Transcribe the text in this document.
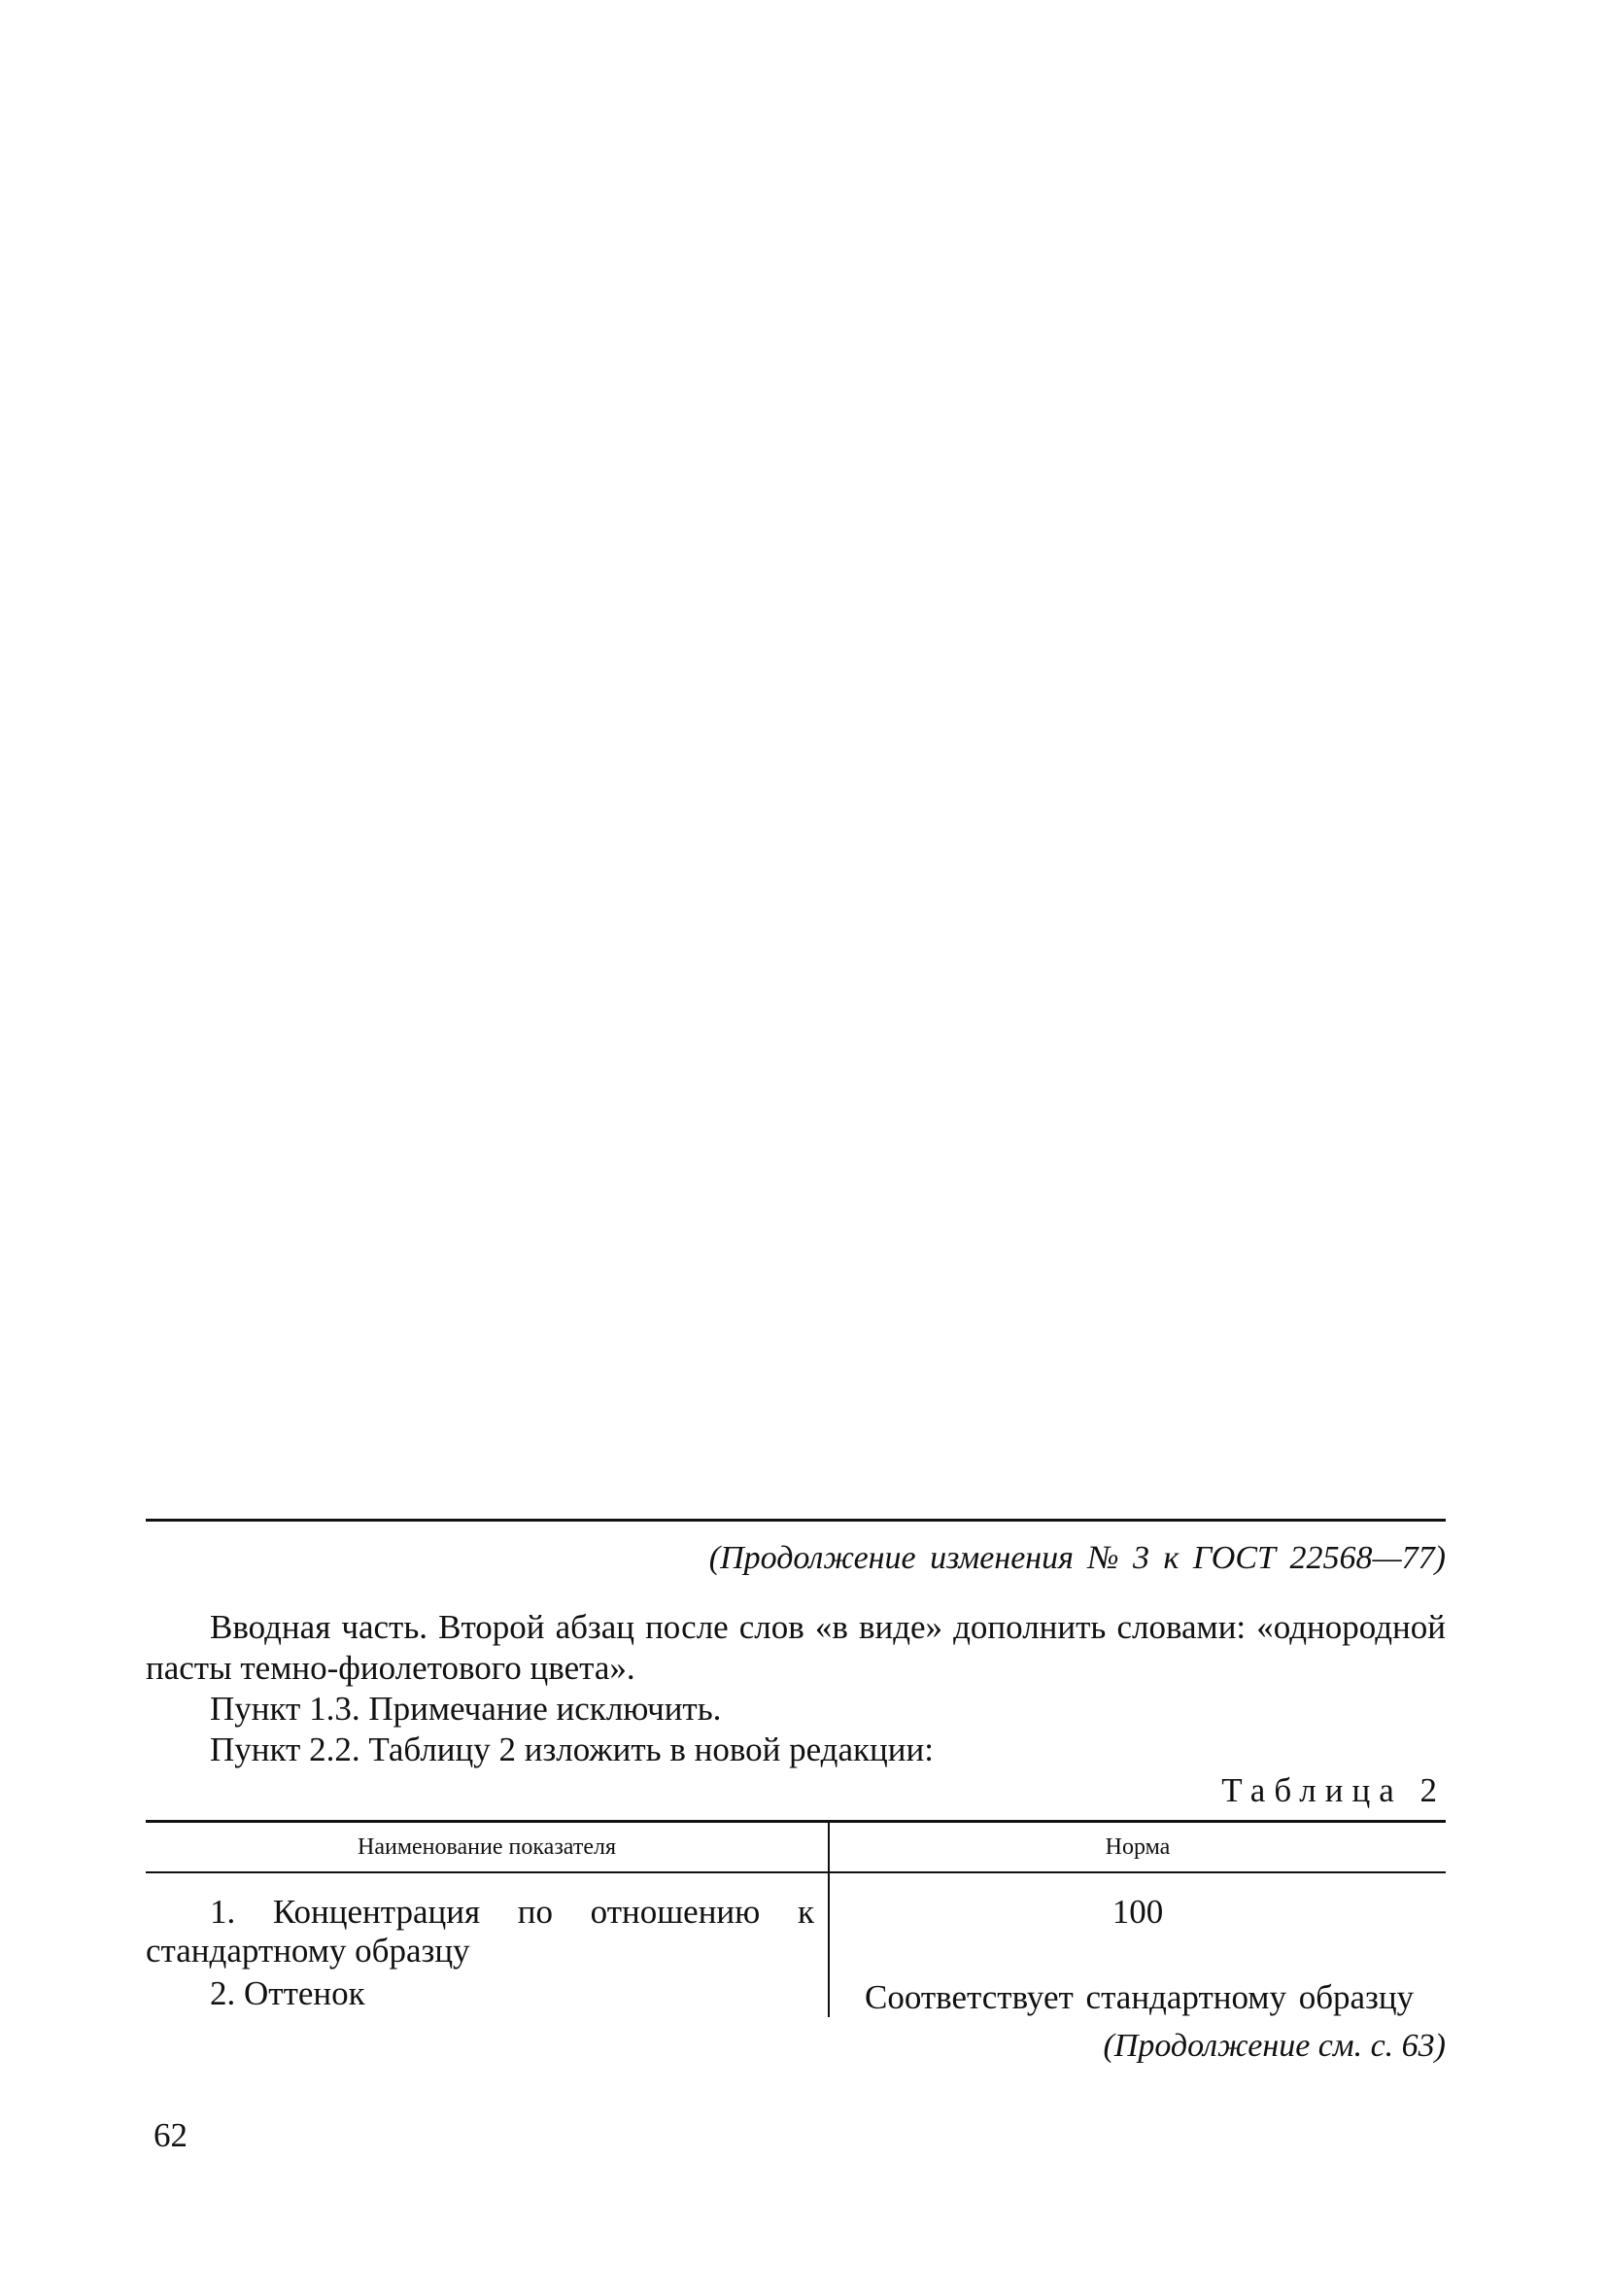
(Продолжение изменения № 3 к ГОСТ 22568—77)

Вводная часть. Второй абзац после слов «в виде» дополнить словами: «однородной пасты темно-фиолетового цвета».

Пункт 1.3. Примечание исключить.

Пункт 2.2. Таблицу 2 изложить в новой редакции:

Таблица 2
Наименование показателя	Норма

1. Концентрация по отношению к стандартному образцу	100

2. Оттенок	Соответствует стандартному образцу

(Продолжение см. с. 63)
62
